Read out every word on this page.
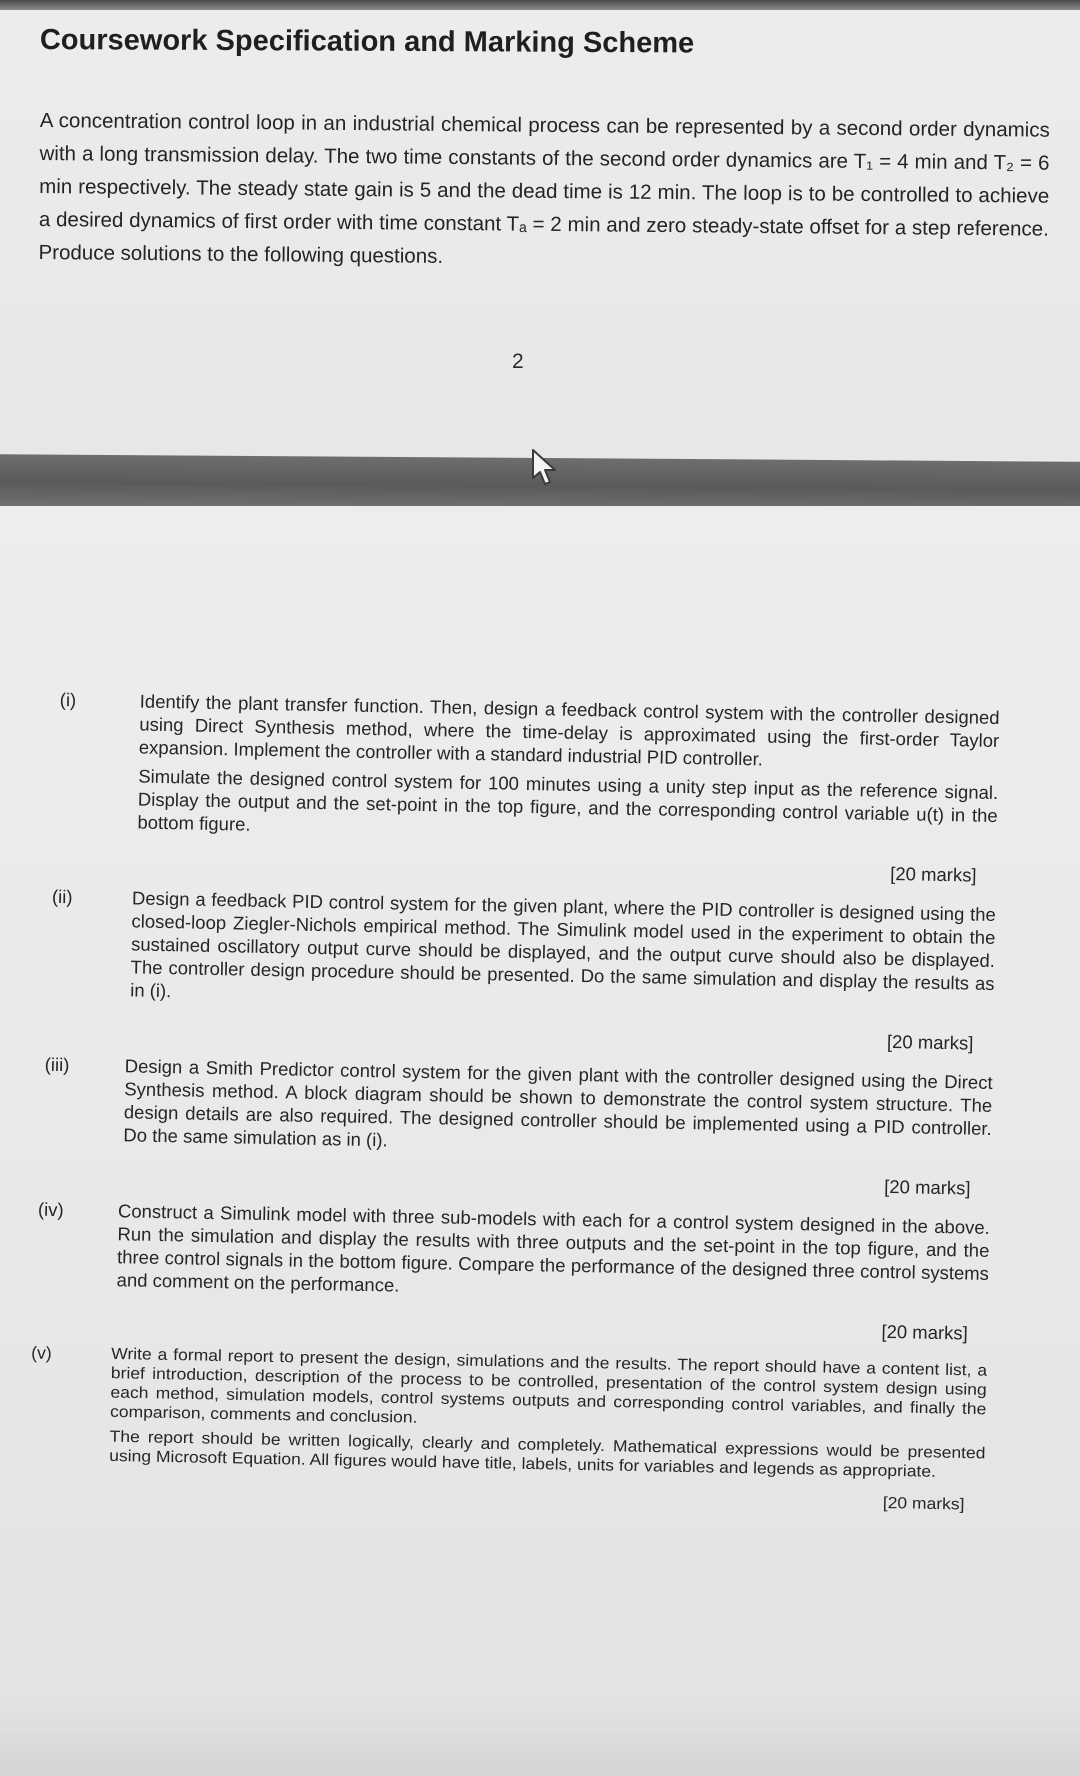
Coursework Specification and Marking Scheme
A concentration control loop in an industrial chemical process can be represented by a second order dynamics with a long transmission delay. The two time constants of the second order dynamics are T₁ = 4 min and T₂ = 6 min respectively. The steady state gain is 5 and the dead time is 12 min. The loop is to be controlled to achieve a desired dynamics of first order with time constant Tₐ = 2 min and zero steady-state offset for a step reference. Produce solutions to the following questions.
2
(i)	Identify the plant transfer function. Then, design a feedback control system with the controller designed using Direct Synthesis method, where the time-delay is approximated using the first-order Taylor expansion. Implement the controller with a standard industrial PID controller.

Simulate the designed control system for 100 minutes using a unity step input as the reference signal. Display the output and the set-point in the top figure, and the corresponding control variable u(t) in the bottom figure.

[20 marks]
(ii)	Design a feedback PID control system for the given plant, where the PID controller is designed using the closed-loop Ziegler-Nichols empirical method. The Simulink model used in the experiment to obtain the sustained oscillatory output curve should be displayed, and the output curve should also be displayed. The controller design procedure should be presented. Do the same simulation and display the results as in (i).

[20 marks]
(iii)	Design a Smith Predictor control system for the given plant with the controller designed using the Direct Synthesis method. A block diagram should be shown to demonstrate the control system structure. The design details are also required. The designed controller should be implemented using a PID controller. Do the same simulation as in (i).

[20 marks]
(iv)	Construct a Simulink model with three sub-models with each for a control system designed in the above. Run the simulation and display the results with three outputs and the set-point in the top figure, and the three control signals in the bottom figure. Compare the performance of the designed three control systems and comment on the performance.

[20 marks]
(v)	Write a formal report to present the design, simulations and the results. The report should have a content list, a brief introduction, description of the process to be controlled, presentation of the control system design using each method, simulation models, control systems outputs and corresponding control variables, and finally the comparison, comments and conclusion.

The report should be written logically, clearly and completely. Mathematical expressions would be presented using Microsoft Equation. All figures would have title, labels, units for variables and legends as appropriate.

[20 marks]
